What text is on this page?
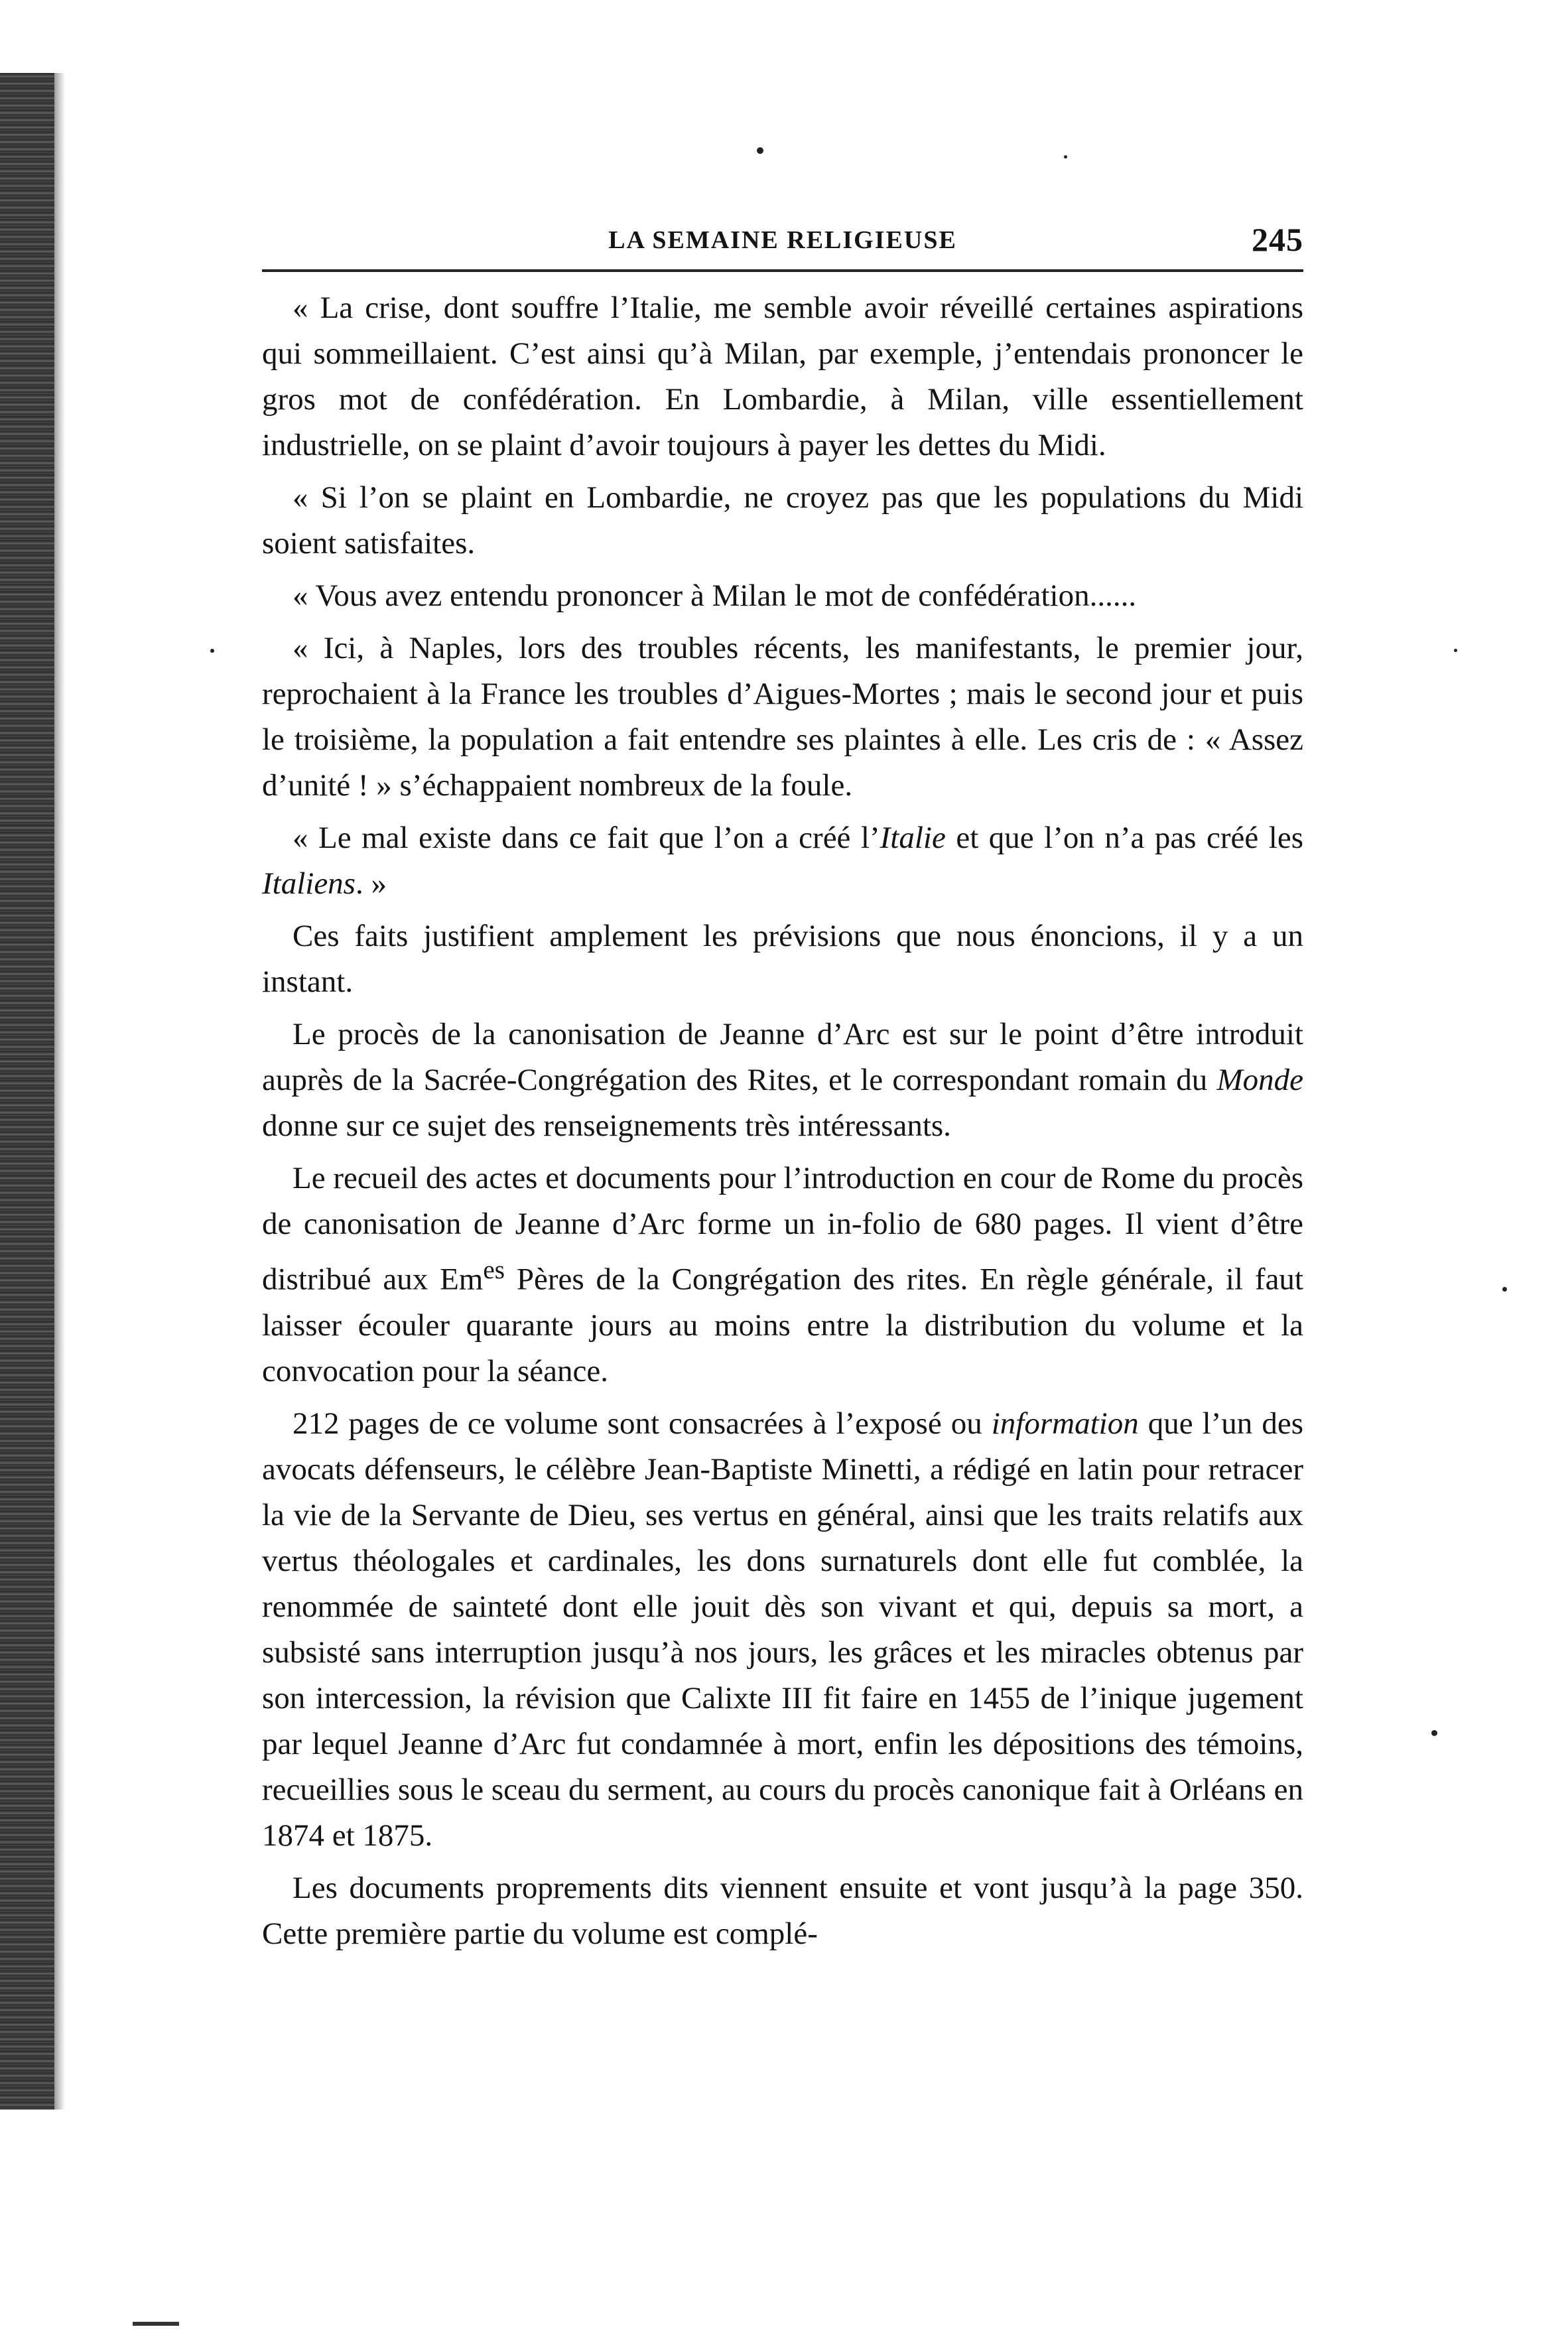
LA SEMAINE RELIGIEUSE	245

« La crise, dont souffre l’Italie, me semble avoir réveillé certaines aspirations qui sommeillaient. C’est ainsi qu’à Milan, par exemple, j’entendais prononcer le gros mot de confédération. En Lombardie, à Milan, ville essentiellement industrielle, on se plaint d’avoir toujours à payer les dettes du Midi.

« Si l’on se plaint en Lombardie, ne croyez pas que les populations du Midi soient satisfaites.

« Vous avez entendu prononcer à Milan le mot de confédération......

« Ici, à Naples, lors des troubles récents, les manifestants, le premier jour, reprochaient à la France les troubles d’Aigues-Mortes ; mais le second jour et puis le troisième, la population a fait entendre ses plaintes à elle. Les cris de : « Assez d’unité ! » s’échappaient nombreux de la foule.

« Le mal existe dans ce fait que l’on a créé l’Italie et que l’on n’a pas créé les Italiens. »

Ces faits justifient amplement les prévisions que nous énoncions, il y a un instant.

Le procès de la canonisation de Jeanne d’Arc est sur le point d’être introduit auprès de la Sacrée-Congrégation des Rites, et le correspondant romain du Monde donne sur ce sujet des renseignements très intéressants.

Le recueil des actes et documents pour l’introduction en cour de Rome du procès de canonisation de Jeanne d’Arc forme un in-folio de 680 pages. Il vient d’être distribué aux $Em^{es}$ Pères de la Congrégation des rites. En règle générale, il faut laisser écouler quarante jours au moins entre la distribution du volume et la convocation pour la séance.

212 pages de ce volume sont consacrées à l’exposé ou information que l’un des avocats défenseurs, le célèbre Jean-Baptiste Minetti, a rédigé en latin pour retracer la vie de la Servante de Dieu, ses vertus en général, ainsi que les traits relatifs aux vertus théologales et cardinales, les dons surnaturels dont elle fut comblée, la renommée de sainteté dont elle jouit dès son vivant et qui, depuis sa mort, a subsisté sans interruption jusqu’à nos jours, les grâces et les miracles obtenus par son intercession, la révision que Calixte III fit faire en 1455 de l’inique jugement par lequel Jeanne d’Arc fut condamnée à mort, enfin les dépositions des témoins, recueillies sous le sceau du serment, au cours du procès canonique fait à Orléans en 1874 et 1875.

Les documents proprements dits viennent ensuite et vont jusqu’à la page 350. Cette première partie du volume est complé-
